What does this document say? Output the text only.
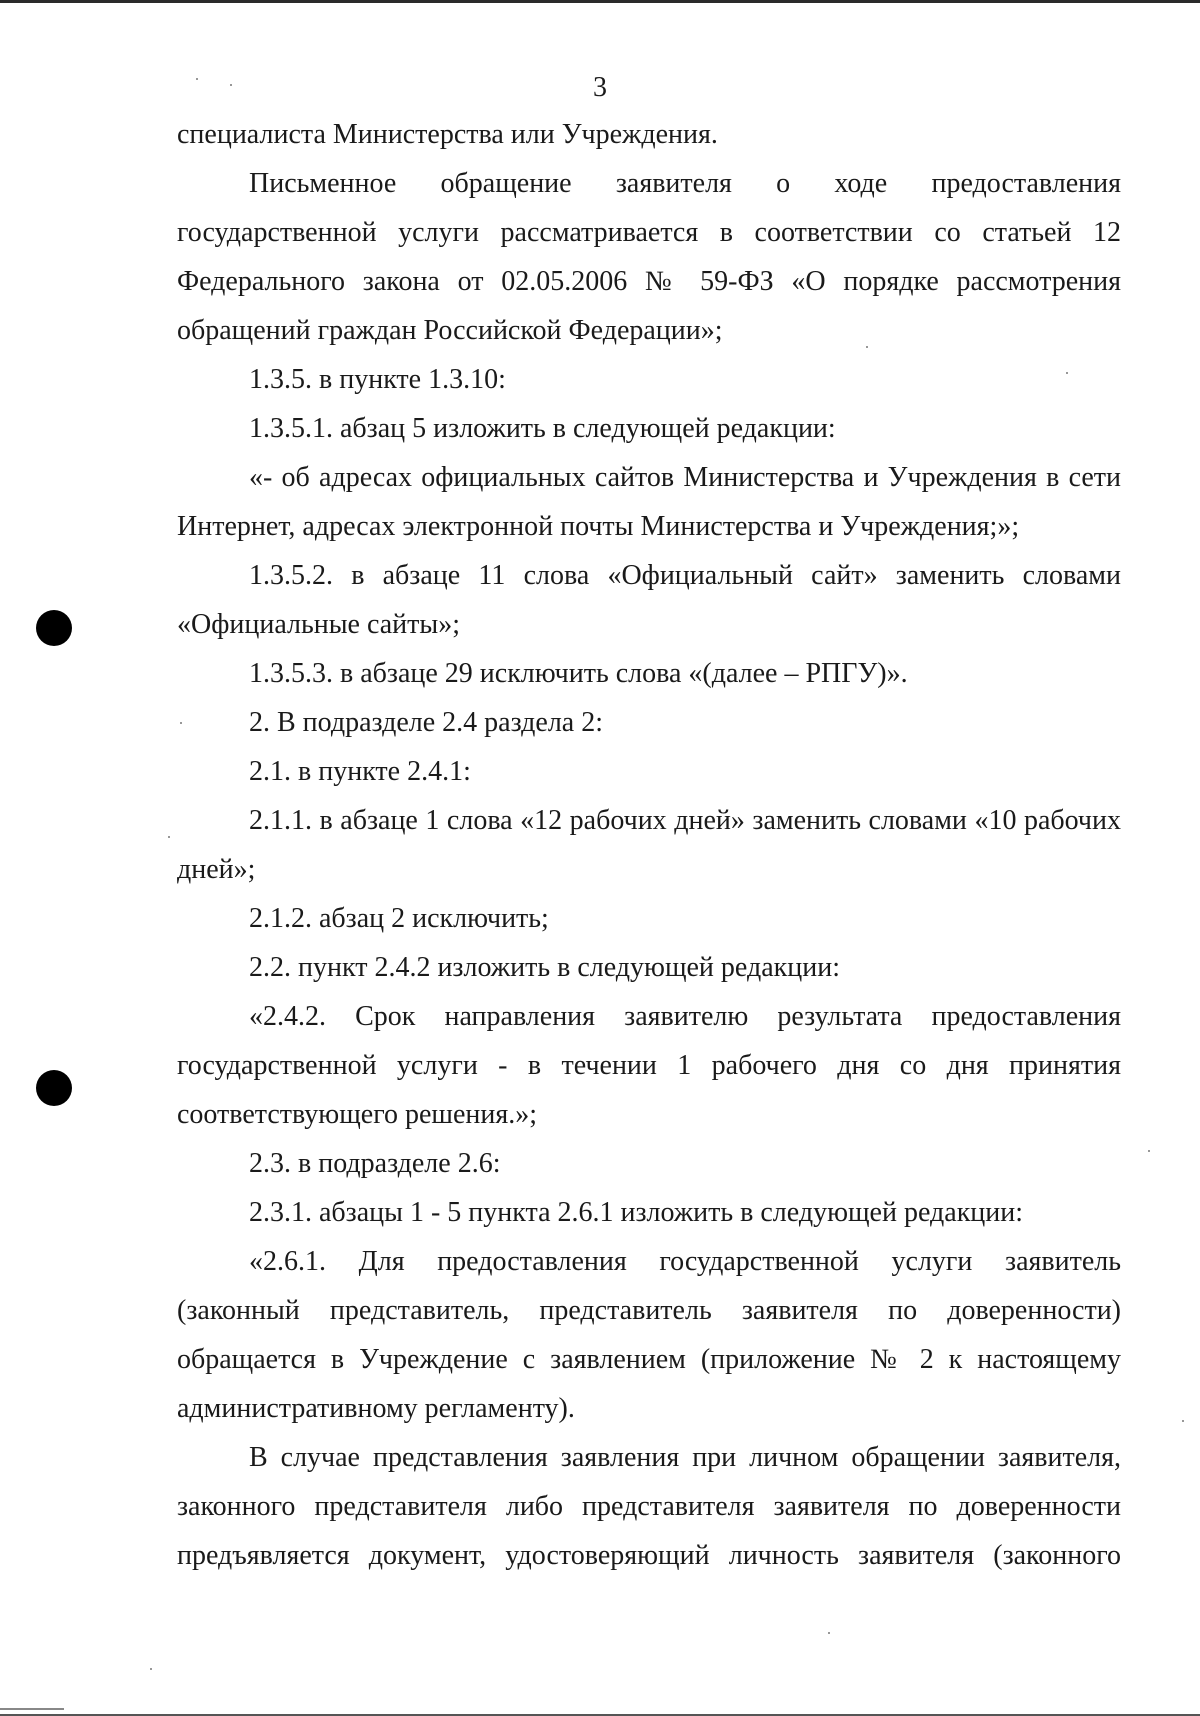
3

специалиста Министерства или Учреждения.

Письменное обращение заявителя о ходе предоставления государственной услуги рассматривается в соответствии со статьей 12 Федерального закона от 02.05.2006 № 59-ФЗ «О порядке рассмотрения обращений граждан Российской Федерации»;

1.3.5. в пункте 1.3.10:

1.3.5.1. абзац 5 изложить в следующей редакции:

«- об адресах официальных сайтов Министерства и Учреждения в сети Интернет, адресах электронной почты Министерства и Учреждения;»;

1.3.5.2. в абзаце 11 слова «Официальный сайт» заменить словами «Официальные сайты»;

1.3.5.3. в абзаце 29 исключить слова «(далее – РПГУ)».

2. В подразделе 2.4 раздела 2:

2.1. в пункте 2.4.1:

2.1.1. в абзаце 1 слова «12 рабочих дней» заменить словами «10 рабочих дней»;

2.1.2. абзац 2 исключить;

2.2. пункт 2.4.2 изложить в следующей редакции:

«2.4.2. Срок направления заявителю результата предоставления государственной услуги - в течении 1 рабочего дня со дня принятия соответствующего решения.»;

2.3. в подразделе 2.6:

2.3.1. абзацы 1 - 5 пункта 2.6.1 изложить в следующей редакции:

«2.6.1. Для предоставления государственной услуги заявитель (законный представитель, представитель заявителя по доверенности) обращается в Учреждение с заявлением (приложение № 2 к настоящему административному регламенту).

В случае представления заявления при личном обращении заявителя, законного представителя либо представителя заявителя по доверенности предъявляется документ, удостоверяющий личность заявителя (законного
